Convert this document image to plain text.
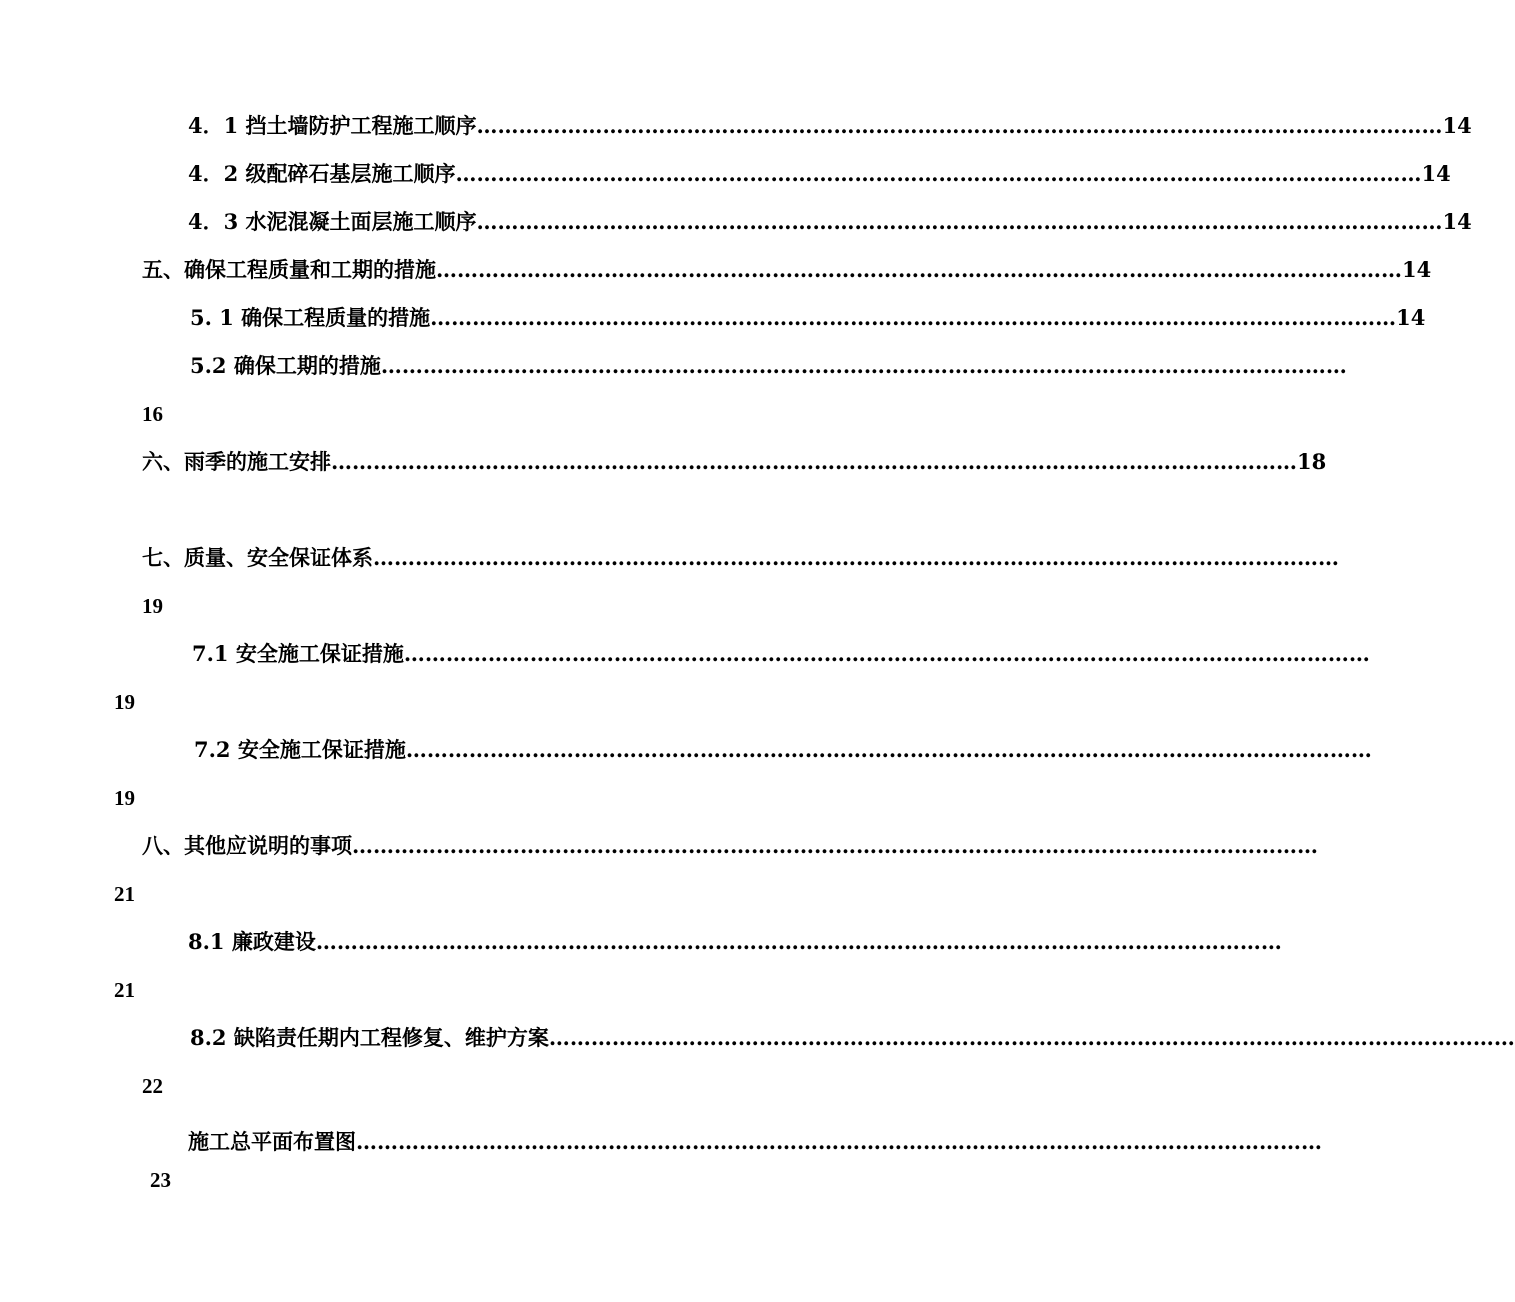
4．1 挡土墙防护工程施工顺序 ………………………………………………………………………………………………………………………… 14
4．2 级配碎石基层施工顺序 ………………………………………………………………………………………………………………………… 14
4．3 水泥混凝土面层施工顺序 ………………………………………………………………………………………………………………………… 14
五、确保工程质量和工期的措施 ………………………………………………………………………………………………………………………… 14
5. 1 确保工程质量的措施 ………………………………………………………………………………………………………………………… 14
5.2 确保工期的措施 …………………………………………………………………………………………………………………………
16
六、雨季的施工安排 ………………………………………………………………………………………………………………………… 18
七、质量、安全保证体系 …………………………………………………………………………………………………………………………
19
7.1 安全施工保证措施 …………………………………………………………………………………………………………………………
19
7.2 安全施工保证措施 …………………………………………………………………………………………………………………………
19
八、其他应说明的事项 …………………………………………………………………………………………………………………………
21
8.1 廉政建设 …………………………………………………………………………………………………………………………
21
8.2 缺陷责任期内工程修复、维护方案 …………………………………………………………………………………………………………………………
22
施工总平面布置图 …………………………………………………………………………………………………………………………
23
